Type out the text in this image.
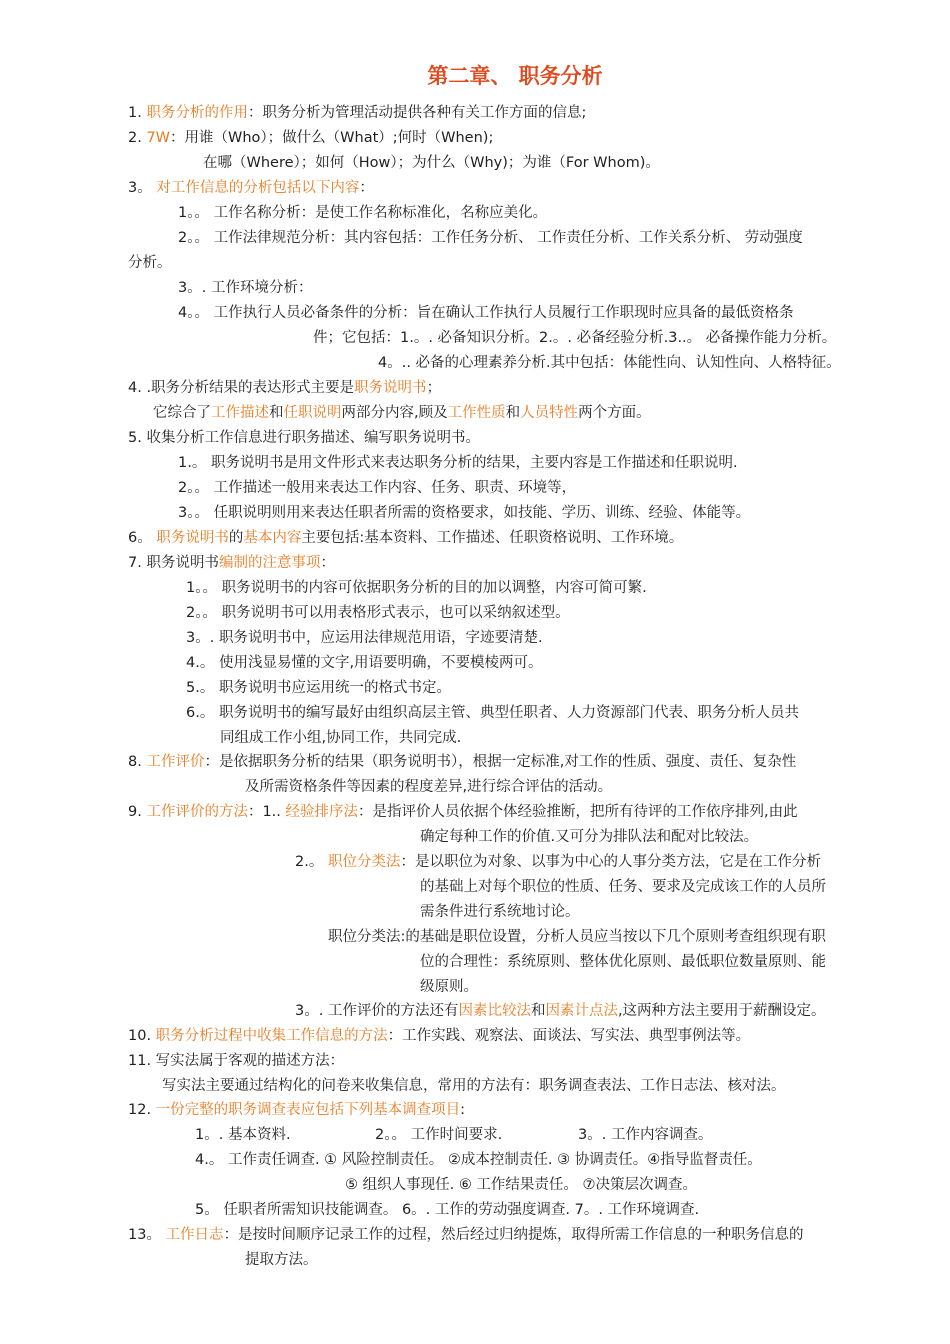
第二章、 职务分析
1. 职务分析的作用：职务分析为管理活动提供各种有关工作方面的信息;
2. 7W：用谁（Who）；做什么（What）;何时（When);
在哪（Where）；如何（How）；为什么（Why)；为谁（For Whom)。
3。 对工作信息的分析包括以下内容：
1。。 工作名称分析：是使工作名称标准化，名称应美化。
2。。 工作法律规范分析：其内容包括：工作任务分析、 工作责任分析、工作关系分析、 劳动强度
分析。
3。. 工作环境分析：
4。。 工作执行人员必备条件的分析：旨在确认工作执行人员履行工作职现时应具备的最低资格条
件；它包括：1.。. 必备知识分析。2.。. 必备经验分析.3..。 必备操作能力分析。
4。.. 必备的心理素养分析.其中包括：体能性向、认知性向、人格特征。
4. .职务分析结果的表达形式主要是职务说明书；
它综合了工作描述和任职说明两部分内容,顾及工作性质和人员特性两个方面。
5. 收集分析工作信息进行职务描述、编写职务说明书。
1.。 职务说明书是用文件形式来表达职务分析的结果，主要内容是工作描述和任职说明.
2。。 工作描述一般用来表达工作内容、任务、职责、环境等，
3。。 任职说明则用来表达任职者所需的资格要求，如技能、学历、训练、经验、体能等。
6。 职务说明书的基本内容主要包括:基本资料、工作描述、任职资格说明、工作环境。
7. 职务说明书编制的注意事项：
1。。 职务说明书的内容可依据职务分析的目的加以调整，内容可简可繁.
2。。 职务说明书可以用表格形式表示，也可以采纳叙述型。
3。. 职务说明书中，应运用法律规范用语，字迹要清楚.
4.。 使用浅显易懂的文字,用语要明确，不要模棱两可。
5.。 职务说明书应运用统一的格式书定。
6.。 职务说明书的编写最好由组织高层主管、典型任职者、人力资源部门代表、职务分析人员共
同组成工作小组,协同工作，共同完成.
8. 工作评价：是依据职务分析的结果（职务说明书），根据一定标准,对工作的性质、强度、责任、复杂性
及所需资格条件等因素的程度差异,进行综合评估的活动。
9. 工作评价的方法：1.. 经验排序法：是指评价人员依据个体经验推断，把所有待评的工作依序排列,由此
确定每种工作的价值.又可分为排队法和配对比较法。
2.。 职位分类法：是以职位为对象、以事为中心的人事分类方法，它是在工作分析
的基础上对每个职位的性质、任务、要求及完成该工作的人员所
需条件进行系统地讨论。
职位分类法:的基础是职位设置，分析人员应当按以下几个原则考查组织现有职
位的合理性：系统原则、整体优化原则、最低职位数量原则、能
级原则。
3。. 工作评价的方法还有因素比较法和因素计点法,这两种方法主要用于薪酬设定。
10. 职务分析过程中收集工作信息的方法：工作实践、观察法、面谈法、写实法、典型事例法等。
11. 写实法属于客观的描述方法：
写实法主要通过结构化的问卷来收集信息，常用的方法有：职务调查表法、工作日志法、核对法。
12. 一份完整的职务调查表应包括下列基本调查项目:
1。. 基本资料.	2。。 工作时间要求.	3。. 工作内容调查。
4.。 工作责任调查. ① 风险控制责任。 ②成本控制责任. ③ 协调责任。④指导监督责任。
⑤ 组织人事现任. ⑥ 工作结果责任。 ⑦决策层次调查。
5。 任职者所需知识技能调查。 6。. 工作的劳动强度调查. 7。. 工作环境调查.
13。 工作日志：是按时间顺序记录工作的过程，然后经过归纳提炼，取得所需工作信息的一种职务信息的
提取方法。
